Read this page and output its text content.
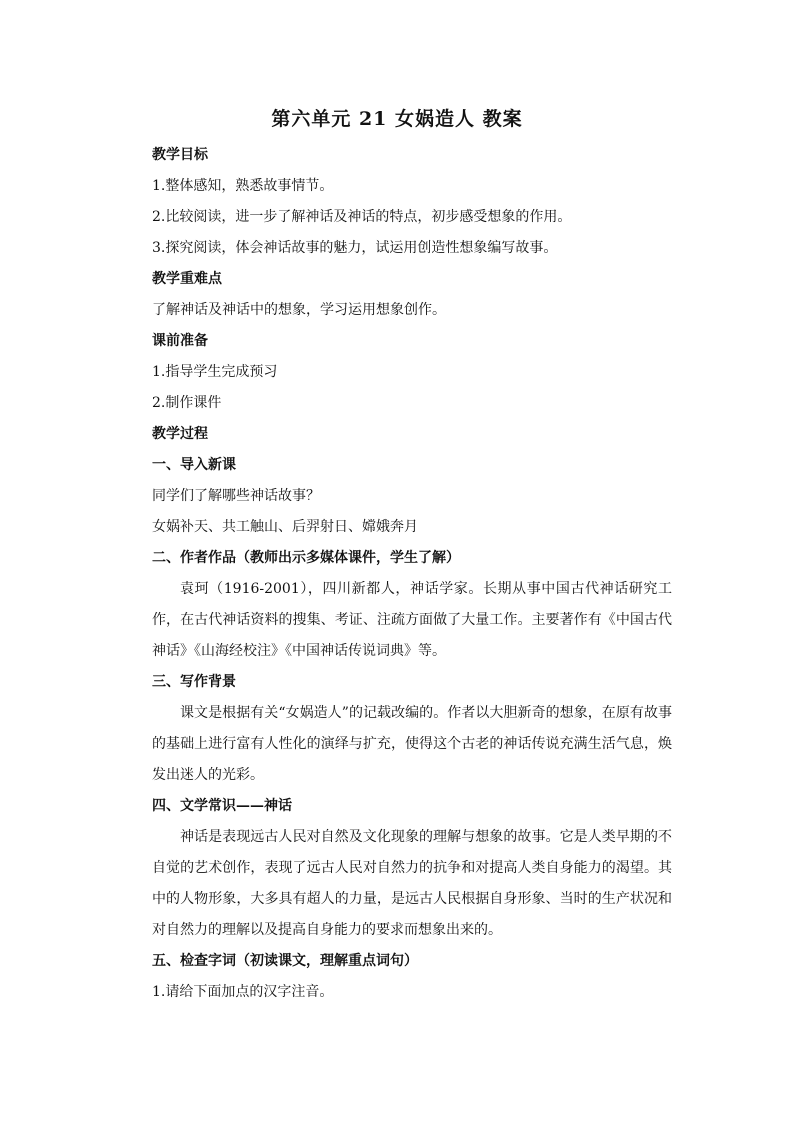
第六单元 21 女娲造人 教案
教学目标
1.整体感知，熟悉故事情节。
2.比较阅读，进一步了解神话及神话的特点，初步感受想象的作用。
3.探究阅读，体会神话故事的魅力，试运用创造性想象编写故事。
教学重难点
了解神话及神话中的想象，学习运用想象创作。
课前准备
1.指导学生完成预习
2.制作课件
教学过程
一、导入新课
同学们了解哪些神话故事？
女娲补天、共工触山、后羿射日、嫦娥奔月
二、作者作品（教师出示多媒体课件，学生了解）
袁珂（1916-2001），四川新都人，神话学家。长期从事中国古代神话研究工作，在古代神话资料的搜集、考证、注疏方面做了大量工作。主要著作有《中国古代神话》《山海经校注》《中国神话传说词典》等。
三、写作背景
课文是根据有关“女娲造人”的记载改编的。作者以大胆新奇的想象，在原有故事的基础上进行富有人性化的演绎与扩充，使得这个古老的神话传说充满生活气息，焕发出迷人的光彩。
四、文学常识——神话
神话是表现远古人民对自然及文化现象的理解与想象的故事。它是人类早期的不自觉的艺术创作，表现了远古人民对自然力的抗争和对提高人类自身能力的渴望。其中的人物形象，大多具有超人的力量，是远古人民根据自身形象、当时的生产状况和对自然力的理解以及提高自身能力的要求而想象出来的。
五、检查字词（初读课文，理解重点词句）
1.请给下面加点的汉字注音。
